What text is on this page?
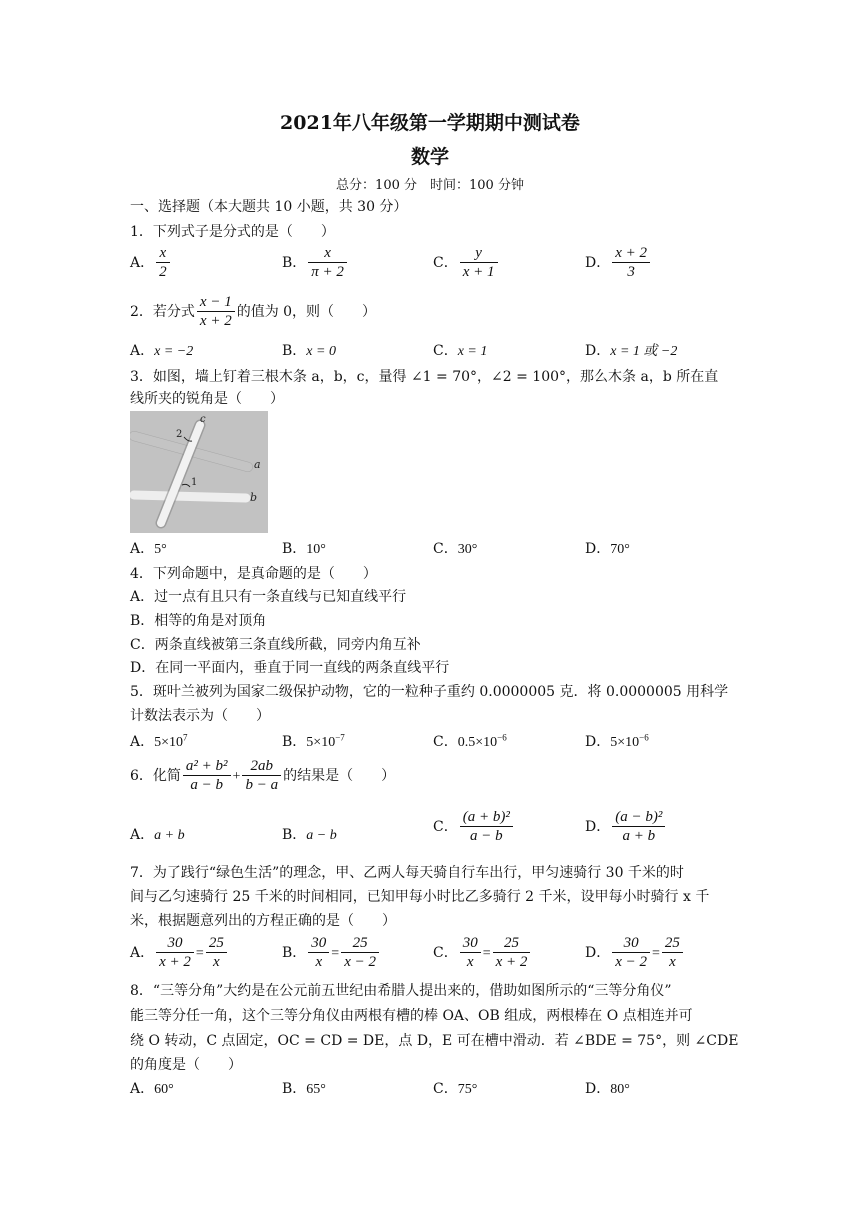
2021年八年级第一学期期中测试卷
数学
总分：100 分　时间：100 分钟
一、选择题（本大题共 10 小题，共 30 分）
1．下列式子是分式的是（　　）
A． $\frac{x}{2}$	B． $\frac{x}{\pi + 2}$	C． $\frac{y}{x + 1}$	D． $\frac{x + 2}{3}$
2．若分式 $\frac{x - 1}{x + 2}$ 的值为 0，则（　　）
A．x = −2	B．x = 0	C．x = 1	D．x = 1 或 −2
3．如图，墙上钉着三根木条 a，b，c，量得 ∠1 = 70°，∠2 = 100°，那么木条 a，b 所在直
线所夹的锐角是（　　）
c
2
1
a
b
A．5°	B．10°	C．30°	D．70°
4．下列命题中，是真命题的是（　　）
A．过一点有且只有一条直线与已知直线平行
B．相等的角是对顶角
C．两条直线被第三条直线所截，同旁内角互补
D．在同一平面内，垂直于同一直线的两条直线平行
5．斑叶兰被列为国家二级保护动物，它的一粒种子重约 0.0000005 克．将 0.0000005 用科学
计数法表示为（　　）
A．$5\times 10^7$	B．$5\times 10^{-7}$	C．$0.5\times 10^{-6}$	D．$5\times 10^{-6}$
6．化简 $\frac{\text{a² + b²}}{a - b} + \frac{2ab}{b - a}$ 的结果是（　　）
A．a + b	B．a − b
C． $\frac{\text{(a + b)²}}{a - b}$	D． $\frac{\text{(a − b)²}}{a + b}$
7．为了践行“绿色生活”的理念，甲、乙两人每天骑自行车出行，甲匀速骑行 30 千米的时
间与乙匀速骑行 25 千米的时间相同，已知甲每小时比乙多骑行 2 千米，设甲每小时骑行 x 千
米，根据题意列出的方程正确的是（　　）
A． $\frac{30}{x + 2} = \frac{25}{x}$	B． $\frac{30}{x} = \frac{25}{x - 2}$	C． $\frac{30}{x} = \frac{25}{x + 2}$	D． $\frac{30}{x - 2} = \frac{25}{x}$
8．“三等分角”大约是在公元前五世纪由希腊人提出来的，借助如图所示的“三等分角仪”
能三等分任一角，这个三等分角仪由两根有槽的棒 OA、OB 组成，两根棒在 O 点相连并可
绕 O 转动，C 点固定，OC = CD = DE，点 D，E 可在槽中滑动．若 ∠BDE = 75°，则 ∠CDE
的角度是（　　）
A．60°	B．65°	C．75°	D．80°
